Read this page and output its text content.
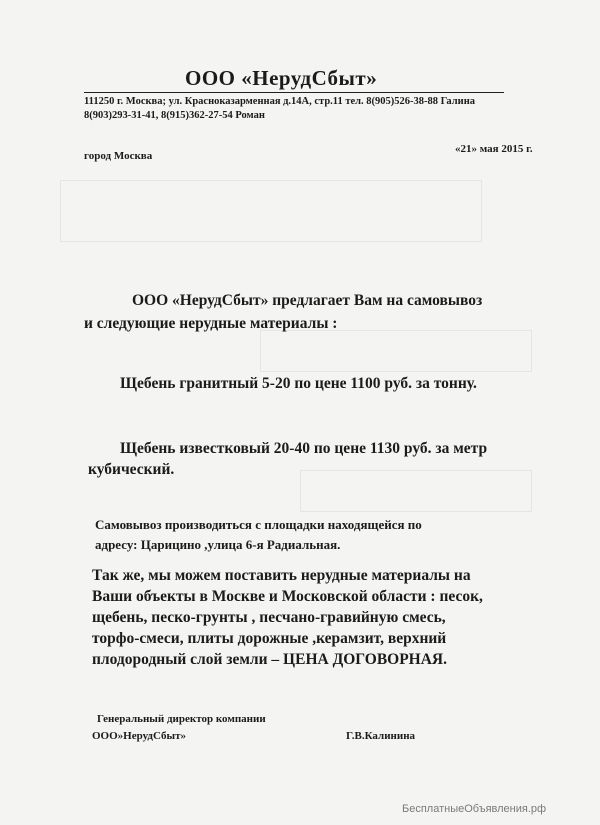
ООО «НерудСбыт»
111250 г. Москва; ул. Красноказарменная д.14А, стр.11 тел. 8(905)526-38-88 Галина
8(903)293-31-41, 8(915)362-27-54 Роман
город Москва
«21» мая 2015 г.
ООО «НерудСбыт» предлагает Вам на самовывоз
и следующие нерудные материалы :
Щебень гранитный 5-20 по цене 1100 руб. за тонну.
Щебень известковый 20-40 по цене 1130 руб. за метр
кубический.
Самовывоз производиться с площадки находящейся по
адресу: Царицино ,улица 6-я Радиальная.
Так же, мы можем поставить нерудные материалы на
Ваши объекты в Москве и Московской области : песок,
щебень, песко-грунты , песчано-гравийную смесь,
торфо-смеси, плиты дорожные ,керамзит, верхний
плодородный слой земли – ЦЕНА ДОГОВОРНАЯ.
Генеральный директор компании
ООО»НерудСбыт»	Г.В.Калинина
БесплатныеОбъявления.рф
